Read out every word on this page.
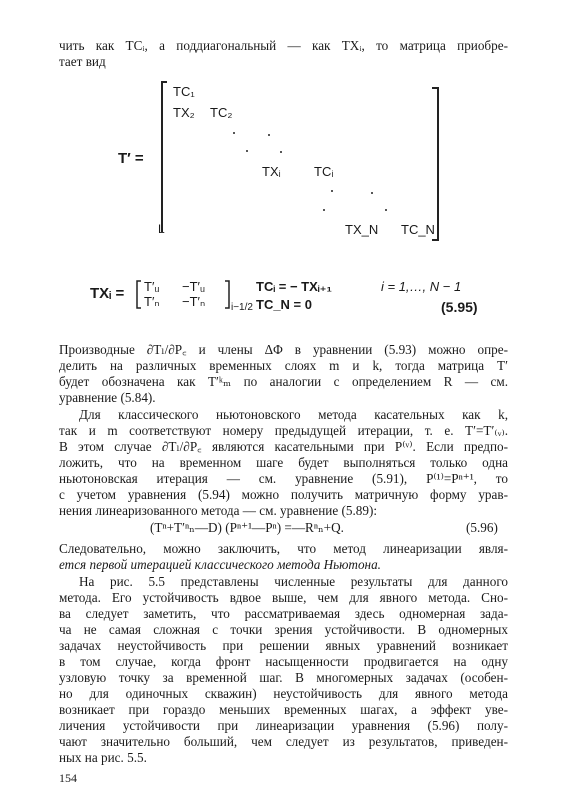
чить как TCᵢ, а поддиагональный — как TXᵢ, то матрица приобре-
тает вид
T′ =
TC₁
TX₂ TC₂
TXᵢ	TCᵢ
TX_N TC_N
L
TXᵢ = T′ᵤ −T′ᵤ
T′ₙ −T′ₙ	i−1/2
TCᵢ = − TXᵢ₊₁	i = 1,…, N − 1
TC_N = 0	(5.95)
Производные ∂Tₗ/∂P꜀ и члены ΔΦ в уравнении (5.93) можно опре-
делить на различных временных слоях m и k, тогда матрица T′
будет обозначена как T′ᵏₘ по аналогии с определением R — см.
уравнение (5.84).
Для классического ньютоновского метода касательных как k,
так и m соответствуют номеру предыдущей итерации, т. е. T′=T′₍ᵥ₎.
В этом случае ∂Tₗ/∂P꜀ являются касательными при P⁽ᵛ⁾. Если предпо-
ложить, что на временном шаге будет выполняться только одна
ньютоновская итерация — см. уравнение (5.91), P⁽¹⁾=Pⁿ⁺¹, то
с учетом уравнения (5.94) можно получить матричную форму урав-
нения линеаризованного метода — см. уравнение (5.89):
(Tⁿ+T′ⁿₙ—D) (Pⁿ⁺¹—Pⁿ) =—Rⁿₙ+Q.	(5.96)
Следовательно, можно заключить, что метод линеаризации явля-
ется первой итерацией классического метода Ньютона.
На рис. 5.5 представлены численные результаты для данного
метода. Его устойчивость вдвое выше, чем для явного метода. Сно-
ва следует заметить, что рассматриваемая здесь одномерная зада-
ча не самая сложная с точки зрения устойчивости. В одномерных
задачах неустойчивость при решении явных уравнений возникает
в том случае, когда фронт насыщенности продвигается на одну
узловую точку за временной шаг. В многомерных задачах (особен-
но для одиночных скважин) неустойчивость для явного метода
возникает при гораздо меньших временных шагах, а эффект уве-
личения устойчивости при линеаризации уравнения (5.96) полу-
чают значительно больший, чем следует из результатов, приведен-
ных на рис. 5.5.
154
